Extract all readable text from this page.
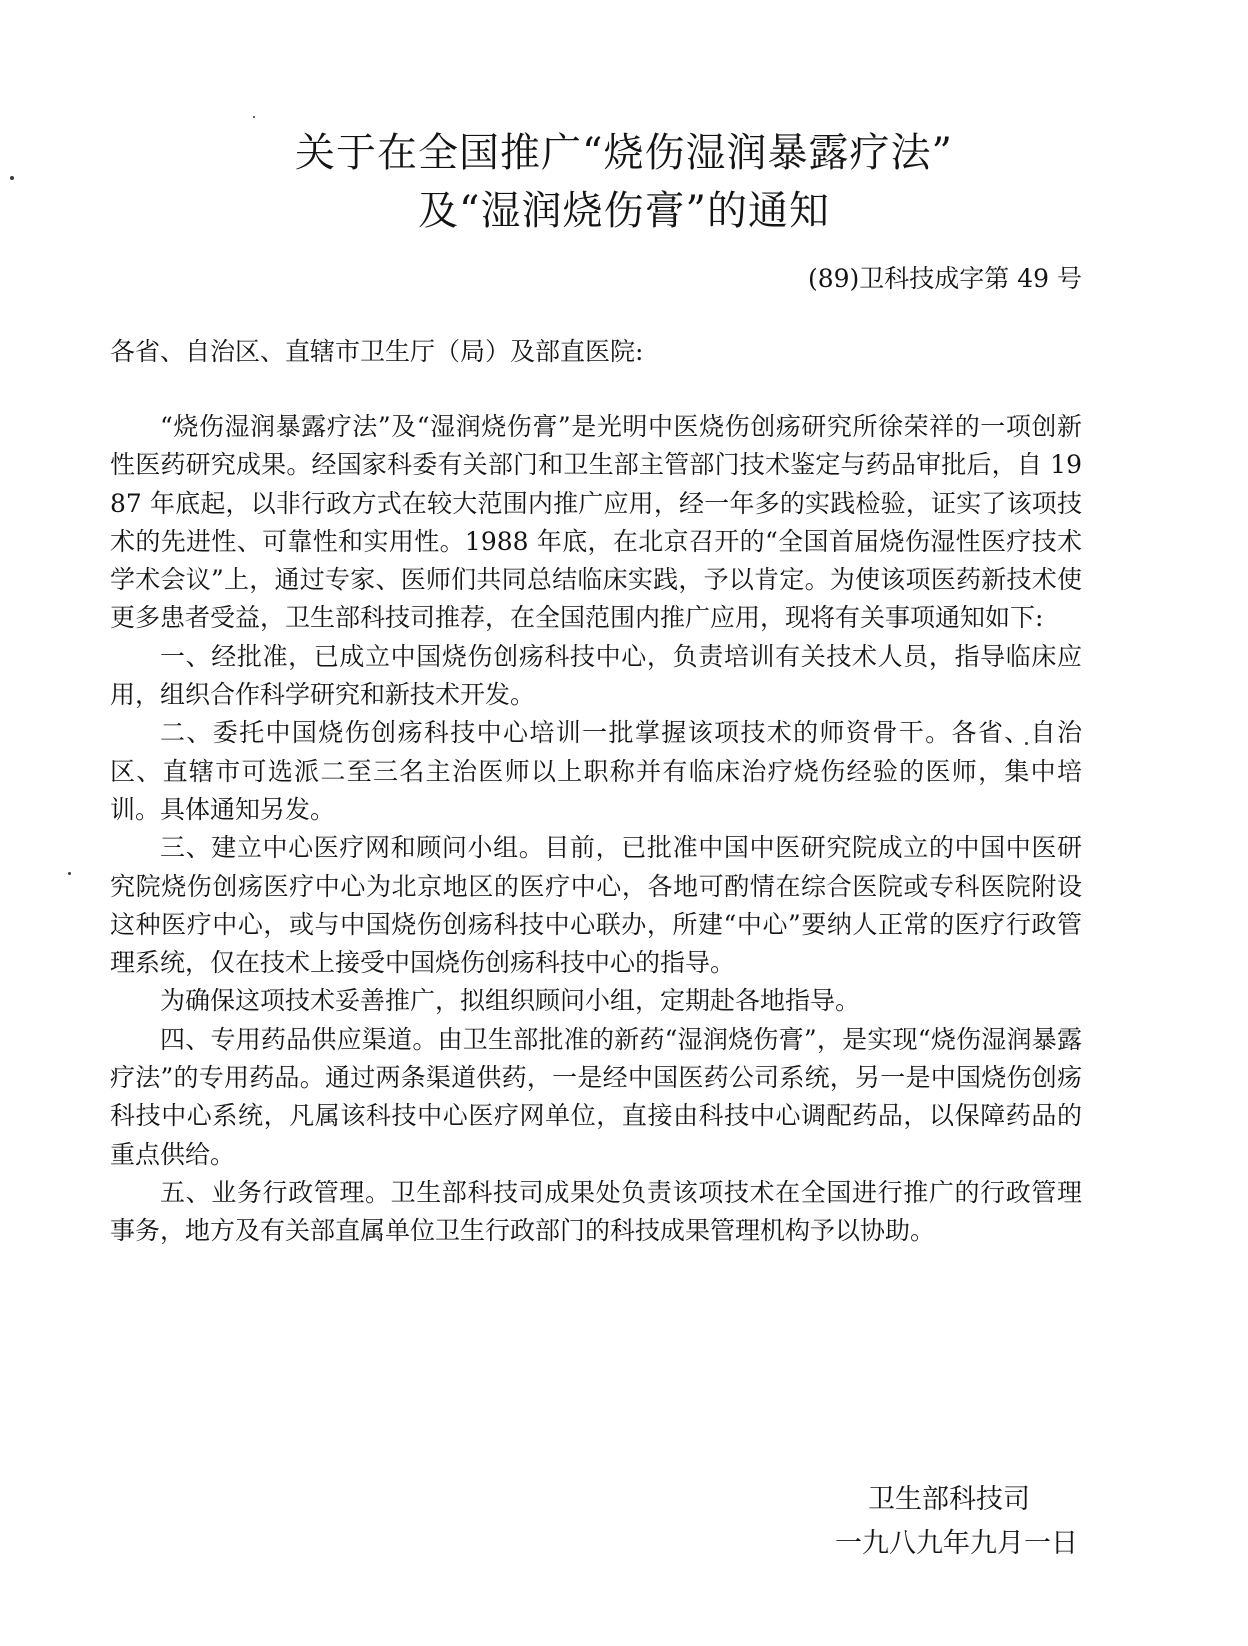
关于在全国推广“烧伤湿润暴露疗法”
及“湿润烧伤膏”的通知
(89)卫科技成字第 49 号
各省、自治区、直辖市卫生厅（局）及部直医院:

“烧伤湿润暴露疗法”及“湿润烧伤膏”是光明中医烧伤创疡研究所徐荣祥的一项创新性医药研究成果。经国家科委有关部门和卫生部主管部门技术鉴定与药品审批后，自 1987 年底起，以非行政方式在较大范围内推广应用，经一年多的实践检验，证实了该项技术的先进性、可靠性和实用性。1988 年底，在北京召开的“全国首届烧伤湿性医疗技术学术会议”上，通过专家、医师们共同总结临床实践，予以肯定。为使该项医药新技术使更多患者受益，卫生部科技司推荐，在全国范围内推广应用，现将有关事项通知如下:

一、经批准，已成立中国烧伤创疡科技中心，负责培训有关技术人员，指导临床应用，组织合作科学研究和新技术开发。

二、委托中国烧伤创疡科技中心培训一批掌握该项技术的师资骨干。各省、自治区、直辖市可选派二至三名主治医师以上职称并有临床治疗烧伤经验的医师，集中培训。具体通知另发。

三、建立中心医疗网和顾问小组。目前，已批准中国中医研究院成立的中国中医研究院烧伤创疡医疗中心为北京地区的医疗中心，各地可酌情在综合医院或专科医院附设这种医疗中心，或与中国烧伤创疡科技中心联办，所建“中心”要纳人正常的医疗行政管理系统，仅在技术上接受中国烧伤创疡科技中心的指导。

为确保这项技术妥善推广，拟组织顾问小组，定期赴各地指导。

四、专用药品供应渠道。由卫生部批准的新药“湿润烧伤膏”，是实现“烧伤湿润暴露疗法”的专用药品。通过两条渠道供药，一是经中国医药公司系统，另一是中国烧伤创疡科技中心系统，凡属该科技中心医疗网单位，直接由科技中心调配药品，以保障药品的重点供给。

五、业务行政管理。卫生部科技司成果处负责该项技术在全国进行推广的行政管理事务，地方及有关部直属单位卫生行政部门的科技成果管理机构予以协助。

卫生部科技司
一九八九年九月一日
